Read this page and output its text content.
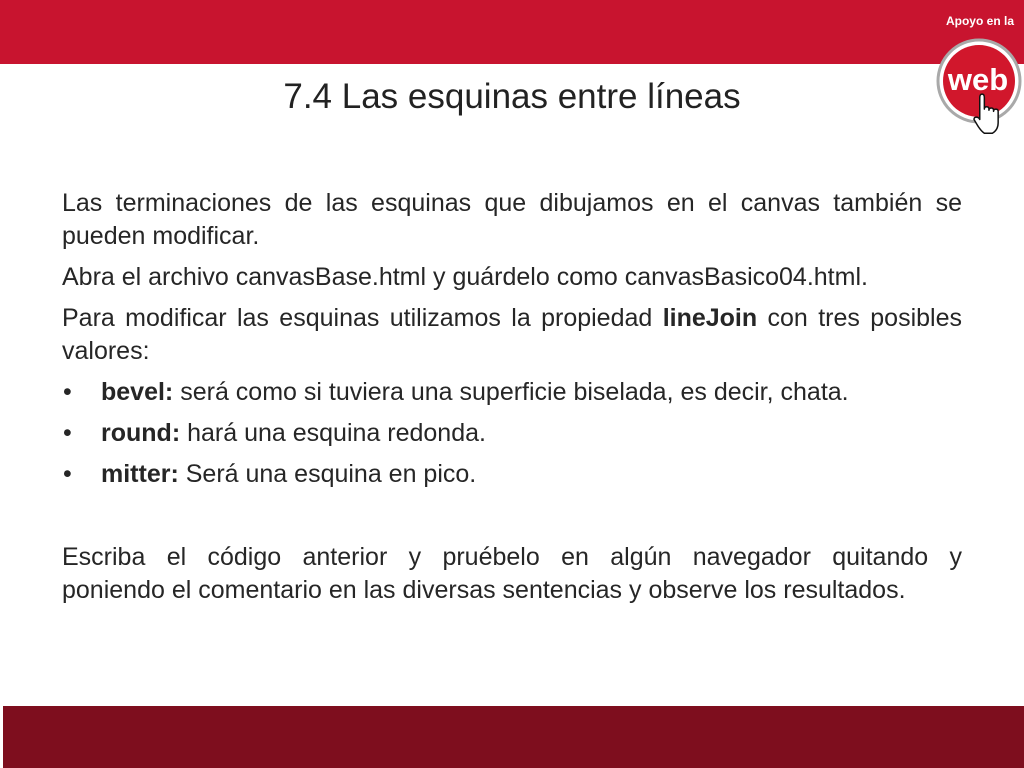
Apoyo en la
web
7.4 Las esquinas entre líneas
Las terminaciones de las esquinas que dibujamos en el canvas también se
pueden modificar.
Abra el archivo canvasBase.html y guárdelo como canvasBasico04.html.
Para modificar las esquinas utilizamos la propiedad lineJoin con tres posibles
valores:
• bevel: será como si tuviera una superficie biselada, es decir, chata.
• round: hará una esquina redonda.
• mitter: Será una esquina en pico.
Escriba el código anterior y pruébelo en algún navegador quitando y
poniendo el comentario en las diversas sentencias y observe los resultados.
